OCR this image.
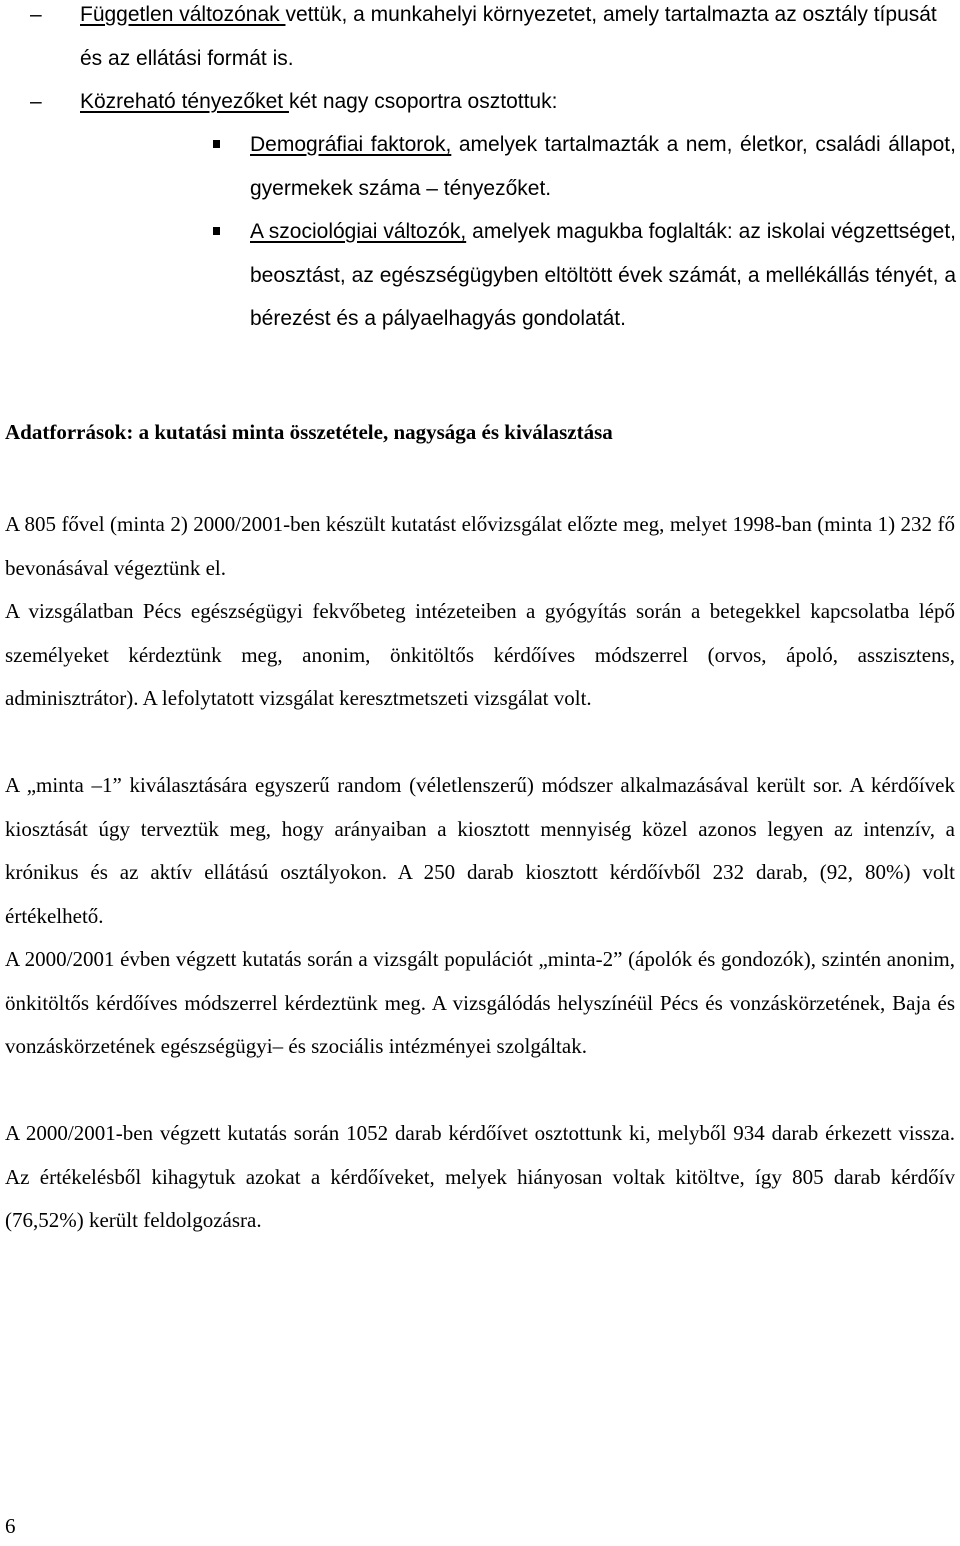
– Független változónak vettük, a munkahelyi környezetet, amely tartalmazta az osztály típusát és az ellátási formát is.
– Közreható tényezőket két nagy csoportra osztottuk:
Demográfiai faktorok, amelyek tartalmazták a nem, életkor, családi állapot, gyermekek száma – tényezőket.
A szociológiai változók, amelyek magukba foglalták: az iskolai végzettséget, beosztást, az egészségügyben eltöltött évek számát, a mellékállás tényét, a bérezést és a pályaelhagyás gondolatát.
Adatforrások: a kutatási minta összetétele, nagysága és kiválasztása
A 805 fővel (minta 2) 2000/2001-ben készült kutatást elővizsgálat előzte meg, melyet 1998-ban (minta 1) 232 fő bevonásával végeztünk el.
A vizsgálatban Pécs egészségügyi fekvőbeteg intézeteiben a gyógyítás során a betegekkel kapcsolatba lépő személyeket kérdeztünk meg, anonim, önkitöltős kérdőíves módszerrel (orvos, ápoló, asszisztens, adminisztrátor). A lefolytatott vizsgálat keresztmetszeti vizsgálat volt.
A „minta –1” kiválasztására egyszerű random (véletlenszerű) módszer alkalmazásával került sor. A kérdőívek kiosztását úgy terveztük meg, hogy arányaiban a kiosztott mennyiség közel azonos legyen az intenzív, a krónikus és az aktív ellátású osztályokon. A 250 darab kiosztott kérdőívből 232 darab, (92, 80%) volt értékelhető.
A 2000/2001 évben végzett kutatás során a vizsgált populációt „minta-2” (ápolók és gondozók), szintén anonim, önkitöltős kérdőíves módszerrel kérdeztünk meg. A vizsgálódás helyszínéül Pécs és vonzáskörzetének, Baja és vonzáskörzetének egészségügyi– és szociális intézményei szolgáltak.
A 2000/2001-ben végzett kutatás során 1052 darab kérdőívet osztottunk ki, melyből 934 darab érkezett vissza. Az értékelésből kihagytuk azokat a kérdőíveket, melyek hiányosan voltak kitöltve, így 805 darab kérdőív (76,52%) került feldolgozásra.
6
